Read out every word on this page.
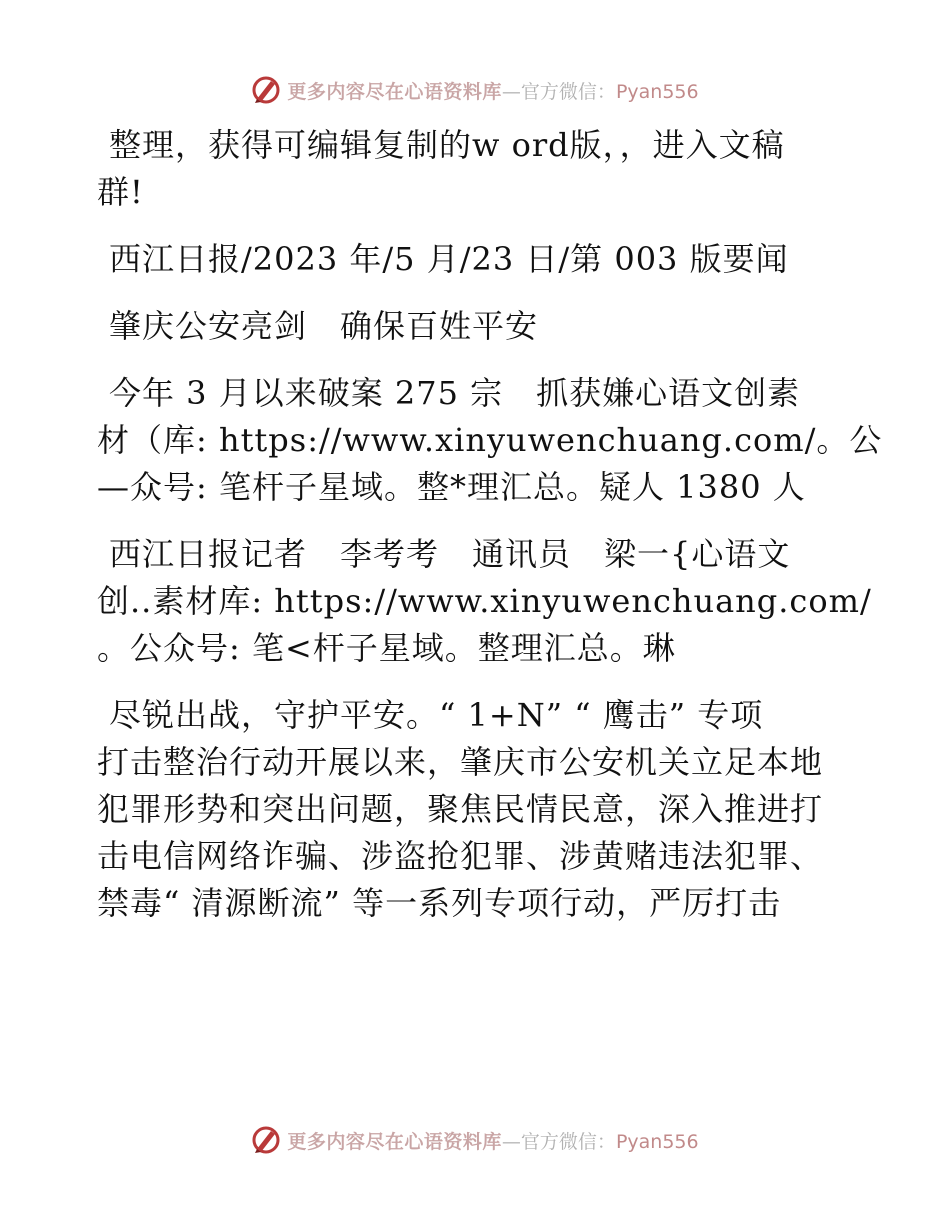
更多内容尽在心语资料库—官方微信：Pyan556

整理，获得可编辑复制的w ord版，，进入文稿
群!

西江日报/2023 年/5 月/23 日/第 003 版要闻

肇庆公安亮剑　确保百姓平安

今年 3 月以来破案 275 宗　抓获嫌心语文创素
材（库: https://www.xinyuwenchuang.com/。公
—众号: 笔杆子星域。整*理汇总。疑人 1380 人

西江日报记者　李考考　通讯员　梁一{心语文
创..素材库: https://www.xinyuwenchuang.com/
。公众号: 笔<杆子星域。整理汇总。琳

尽锐出战，守护平安。“ 1+N” “ 鹰击” 专项
打击整治行动开展以来，肇庆市公安机关立足本地
犯罪形势和突出问题，聚焦民情民意，深入推进打
击电信网络诈骗、涉盗抢犯罪、涉黄赌违法犯罪、
禁毒“ 清源断流” 等一系列专项行动，严厉打击

更多内容尽在心语资料库—官方微信：Pyan556
